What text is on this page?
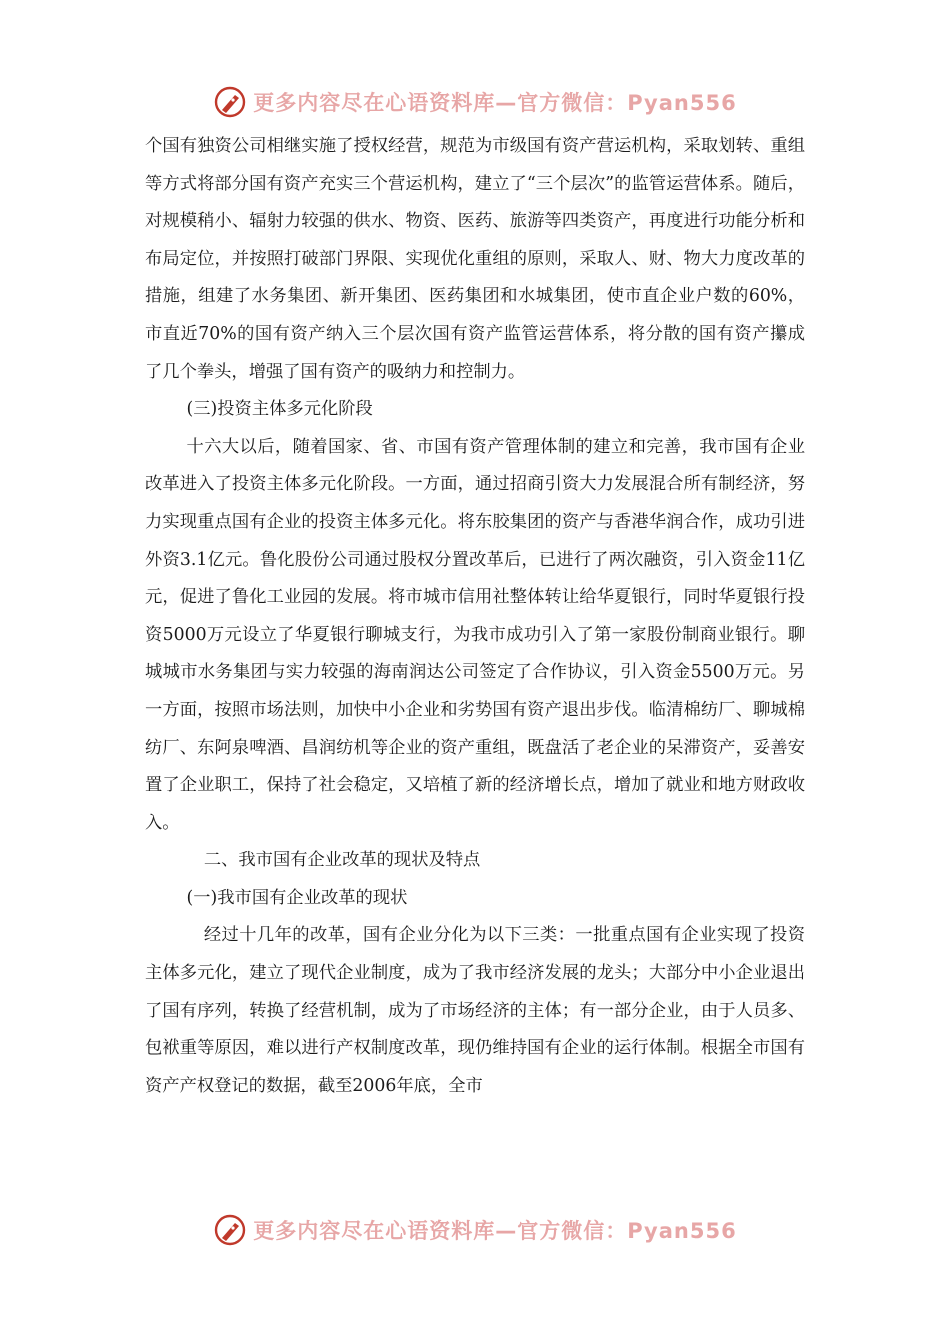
更多内容尽在心语资料库—官方微信：Pyan556

个国有独资公司相继实施了授权经营，规范为市级国有资产营运机构，采取划转、重组等方式将部分国有资产充实三个营运机构，建立了“三个层次”的监管运营体系。随后，对规模稍小、辐射力较强的供水、物资、医药、旅游等四类资产，再度进行功能分析和布局定位，并按照打破部门界限、实现优化重组的原则，采取人、财、物大力度改革的措施，组建了水务集团、新开集团、医药集团和水城集团，使市直企业户数的60%，市直近70%的国有资产纳入三个层次国有资产监管运营体系，将分散的国有资产攥成了几个拳头，增强了国有资产的吸纳力和控制力。

(三)投资主体多元化阶段

十六大以后，随着国家、省、市国有资产管理体制的建立和完善，我市国有企业改革进入了投资主体多元化阶段。一方面，通过招商引资大力发展混合所有制经济，努力实现重点国有企业的投资主体多元化。将东胶集团的资产与香港华润合作，成功引进外资3.1亿元。鲁化股份公司通过股权分置改革后，已进行了两次融资，引入资金11亿元，促进了鲁化工业园的发展。将市城市信用社整体转让给华夏银行，同时华夏银行投资5000万元设立了华夏银行聊城支行，为我市成功引入了第一家股份制商业银行。聊城城市水务集团与实力较强的海南润达公司签定了合作协议，引入资金5500万元。另一方面，按照市场法则，加快中小企业和劣势国有资产退出步伐。临清棉纺厂、聊城棉纺厂、东阿泉啤酒、昌润纺机等企业的资产重组，既盘活了老企业的呆滞资产，妥善安置了企业职工，保持了社会稳定，又培植了新的经济增长点，增加了就业和地方财政收入。

二、我市国有企业改革的现状及特点

(一)我市国有企业改革的现状

经过十几年的改革，国有企业分化为以下三类：一批重点国有企业实现了投资主体多元化，建立了现代企业制度，成为了我市经济发展的龙头；大部分中小企业退出了国有序列，转换了经营机制，成为了市场经济的主体；有一部分企业，由于人员多、包袱重等原因，难以进行产权制度改革，现仍维持国有企业的运行体制。根据全市国有资产产权登记的数据，截至2006年底，全市

更多内容尽在心语资料库—官方微信：Pyan556
